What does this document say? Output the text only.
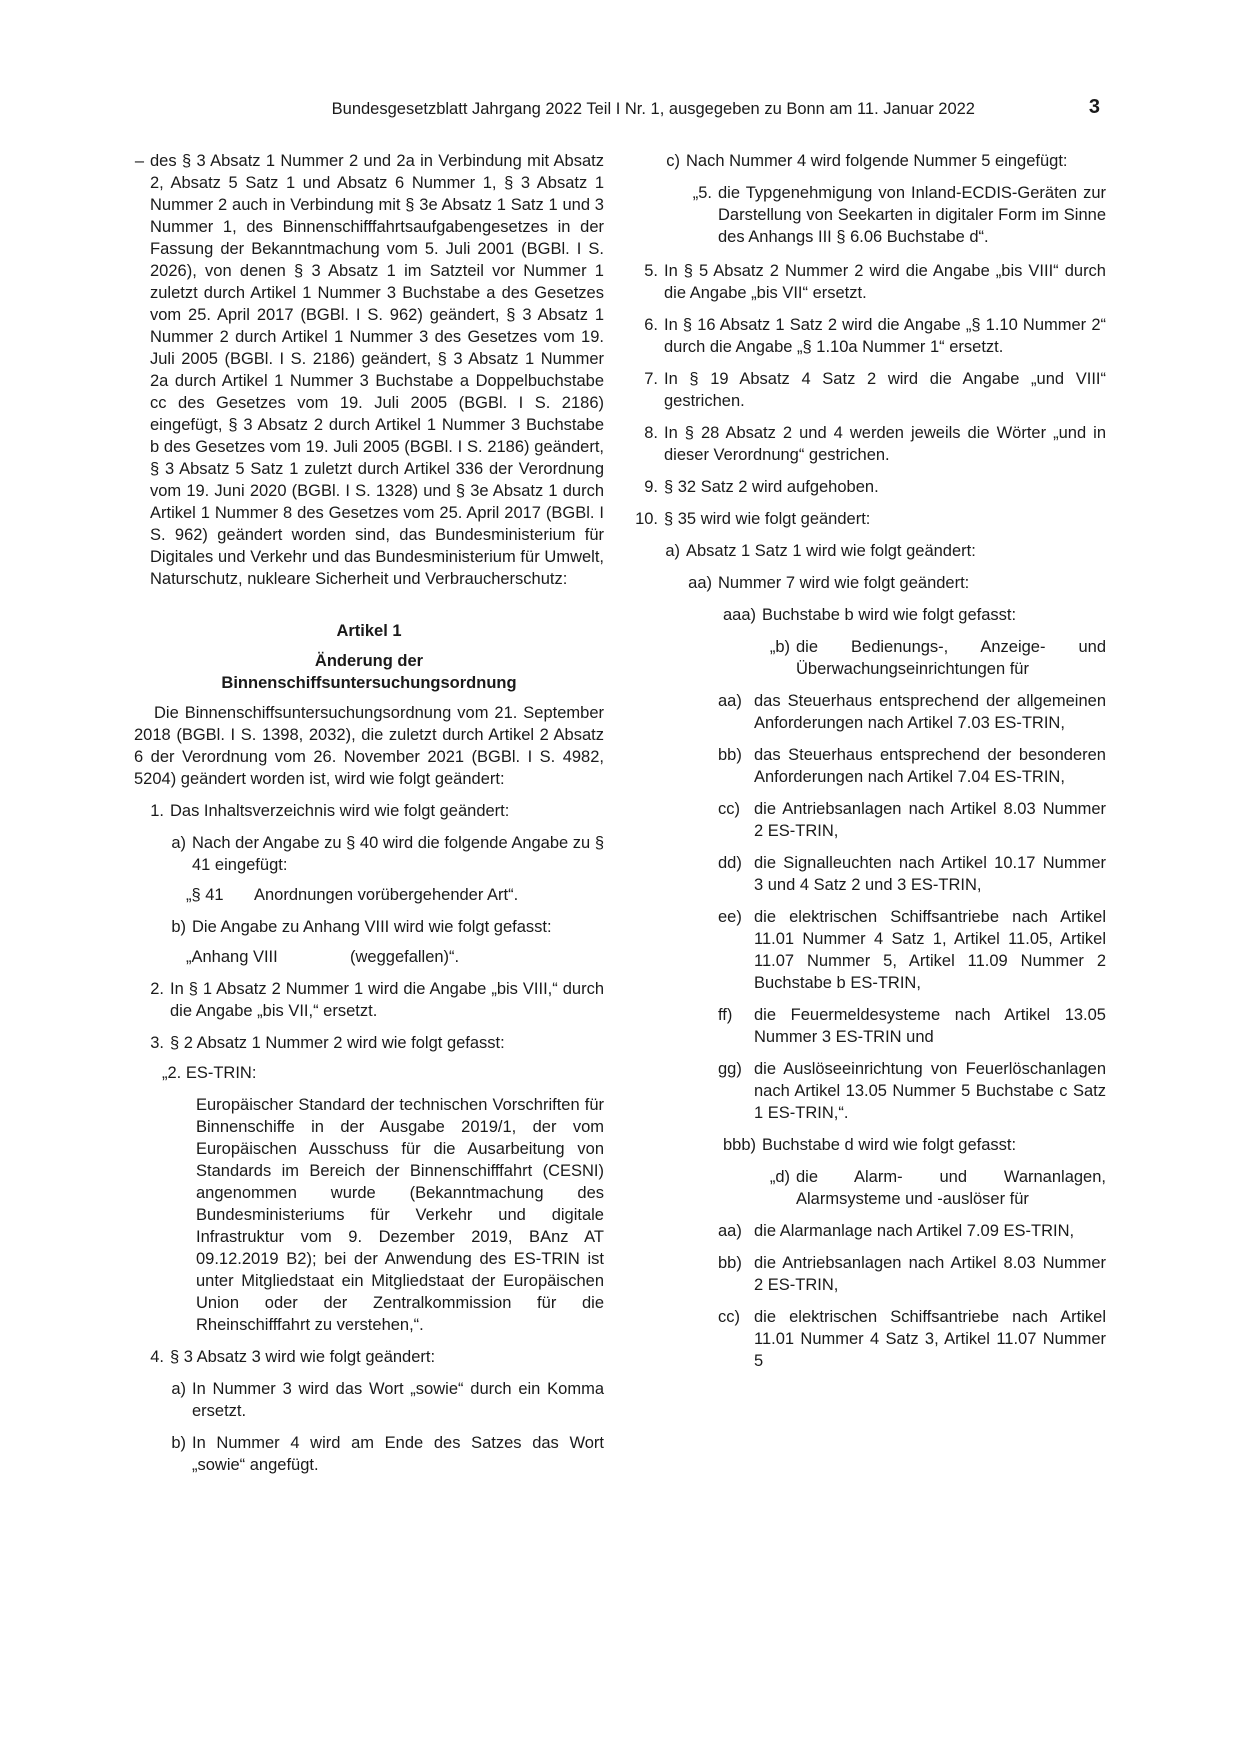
Bundesgesetzblatt Jahrgang 2022 Teil I Nr. 1, ausgegeben zu Bonn am 11. Januar 2022	3
– des § 3 Absatz 1 Nummer 2 und 2a in Verbindung mit Absatz 2, Absatz 5 Satz 1 und Absatz 6 Nummer 1, § 3 Absatz 1 Nummer 2 auch in Verbindung mit § 3e Absatz 1 Satz 1 und 3 Nummer 1, des Binnenschifffahrtsaufgabengesetzes in der Fassung der Bekanntmachung vom 5. Juli 2001 (BGBl. I S. 2026), von denen § 3 Absatz 1 im Satzteil vor Nummer 1 zuletzt durch Artikel 1 Nummer 3 Buchstabe a des Gesetzes vom 25. April 2017 (BGBl. I S. 962) geändert, § 3 Absatz 1 Nummer 2 durch Artikel 1 Nummer 3 des Gesetzes vom 19. Juli 2005 (BGBl. I S. 2186) geändert, § 3 Absatz 1 Nummer 2a durch Artikel 1 Nummer 3 Buchstabe a Doppelbuchstabe cc des Gesetzes vom 19. Juli 2005 (BGBl. I S. 2186) eingefügt, § 3 Absatz 2 durch Artikel 1 Nummer 3 Buchstabe b des Gesetzes vom 19. Juli 2005 (BGBl. I S. 2186) geändert, § 3 Absatz 5 Satz 1 zuletzt durch Artikel 336 der Verordnung vom 19. Juni 2020 (BGBl. I S. 1328) und § 3e Absatz 1 durch Artikel 1 Nummer 8 des Gesetzes vom 25. April 2017 (BGBl. I S. 962) geändert worden sind, das Bundesministerium für Digitales und Verkehr und das Bundesministerium für Umwelt, Naturschutz, nukleare Sicherheit und Verbraucherschutz:
Artikel 1
Änderung der
Binnenschiffsuntersuchungsordnung
Die Binnenschiffsuntersuchungsordnung vom 21. September 2018 (BGBl. I S. 1398, 2032), die zuletzt durch Artikel 2 Absatz 6 der Verordnung vom 26. November 2021 (BGBl. I S. 4982, 5204) geändert worden ist, wird wie folgt geändert:
1. Das Inhaltsverzeichnis wird wie folgt geändert:
a) Nach der Angabe zu § 40 wird die folgende Angabe zu § 41 eingefügt:
„§ 41	Anordnungen vorübergehender Art“.
b) Die Angabe zu Anhang VIII wird wie folgt gefasst:
„Anhang VIII	(weggefallen)“.
2. In § 1 Absatz 2 Nummer 1 wird die Angabe „bis VIII,“ durch die Angabe „bis VII,“ ersetzt.
3. § 2 Absatz 1 Nummer 2 wird wie folgt gefasst:
„2. ES-TRIN:
Europäischer Standard der technischen Vorschriften für Binnenschiffe in der Ausgabe 2019/1, der vom Europäischen Ausschuss für die Ausarbeitung von Standards im Bereich der Binnenschifffahrt (CESNI) angenommen wurde (Bekanntmachung des Bundesministeriums für Verkehr und digitale Infrastruktur vom 9. Dezember 2019, BAnz AT 09.12.2019 B2); bei der Anwendung des ES-TRIN ist unter Mitgliedstaat ein Mitgliedstaat der Europäischen Union oder der Zentralkommission für die Rheinschifffahrt zu verstehen,“.
4. § 3 Absatz 3 wird wie folgt geändert:
a) In Nummer 3 wird das Wort „sowie“ durch ein Komma ersetzt.
b) In Nummer 4 wird am Ende des Satzes das Wort „sowie“ angefügt.
c) Nach Nummer 4 wird folgende Nummer 5 eingefügt:
„5. die Typgenehmigung von Inland-ECDIS-Geräten zur Darstellung von Seekarten in digitaler Form im Sinne des Anhangs III § 6.06 Buchstabe d“.
5. In § 5 Absatz 2 Nummer 2 wird die Angabe „bis VIII“ durch die Angabe „bis VII“ ersetzt.
6. In § 16 Absatz 1 Satz 2 wird die Angabe „§ 1.10 Nummer 2“ durch die Angabe „§ 1.10a Nummer 1“ ersetzt.
7. In § 19 Absatz 4 Satz 2 wird die Angabe „und VIII“ gestrichen.
8. In § 28 Absatz 2 und 4 werden jeweils die Wörter „und in dieser Verordnung“ gestrichen.
9. § 32 Satz 2 wird aufgehoben.
10. § 35 wird wie folgt geändert:
a) Absatz 1 Satz 1 wird wie folgt geändert:
aa) Nummer 7 wird wie folgt geändert:
aaa) Buchstabe b wird wie folgt gefasst:
„b) die Bedienungs-, Anzeige- und Überwachungseinrichtungen für
aa) das Steuerhaus entsprechend der allgemeinen Anforderungen nach Artikel 7.03 ES-TRIN,
bb) das Steuerhaus entsprechend der besonderen Anforderungen nach Artikel 7.04 ES-TRIN,
cc) die Antriebsanlagen nach Artikel 8.03 Nummer 2 ES-TRIN,
dd) die Signalleuchten nach Artikel 10.17 Nummer 3 und 4 Satz 2 und 3 ES-TRIN,
ee) die elektrischen Schiffsantriebe nach Artikel 11.01 Nummer 4 Satz 1, Artikel 11.05, Artikel 11.07 Nummer 5, Artikel 11.09 Nummer 2 Buchstabe b ES-TRIN,
ff)	die Feuermeldesysteme nach Artikel 13.05 Nummer 3 ES-TRIN und
gg) die Auslöseeinrichtung von Feuerlöschanlagen nach Artikel 13.05 Nummer 5 Buchstabe c Satz 1 ES-TRIN,“.
bbb) Buchstabe d wird wie folgt gefasst:
„d) die Alarm- und Warnanlagen, Alarmsysteme und -auslöser für
aa) die Alarmanlage nach Artikel 7.09 ES-TRIN,
bb) die Antriebsanlagen nach Artikel 8.03 Nummer 2 ES-TRIN,
cc) die elektrischen Schiffsantriebe nach Artikel 11.01 Nummer 4 Satz 3, Artikel 11.07 Nummer 5
